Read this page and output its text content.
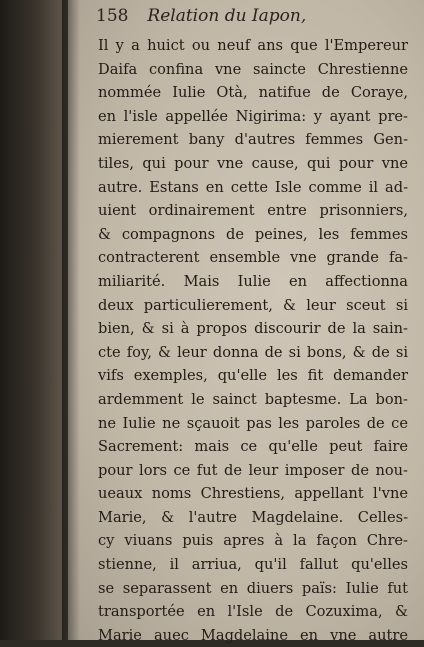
158 Relation du Iapon,
Il y a huict ou neuf ans que l'Empereur
Daifa confina vne saincte Chrestienne
nommée Iulie Otà, natifue de Coraye,
en l'isle appellée Nigirima: y ayant pre-
mierement bany d'autres femmes Gen-
tiles, qui pour vne cause, qui pour vne
autre. Estans en cette Isle comme il ad-
uient ordinairement entre prisonniers,
& compagnons de peines, les femmes
contracterent ensemble vne grande fa-
miliarité. Mais Iulie en affectionna
deux particulierement, & leur sceut si
bien, & si à propos discourir de la sain-
cte foy, & leur donna de si bons, & de si
vifs exemples, qu'elle les fit demander
ardemment le sainct baptesme. La bon-
ne Iulie ne sçauoit pas les paroles de ce
Sacrement: mais ce qu'elle peut faire
pour lors ce fut de leur imposer de nou-
ueaux noms Chrestiens, appellant l'vne
Marie, & l'autre Magdelaine. Celles-
cy viuans puis apres à la façon Chre-
stienne, il arriua, qu'il fallut qu'elles
se separassent en diuers païs: Iulie fut
transportée en l'Isle de Cozuxima, &
Marie auec Magdelaine en vne autre
